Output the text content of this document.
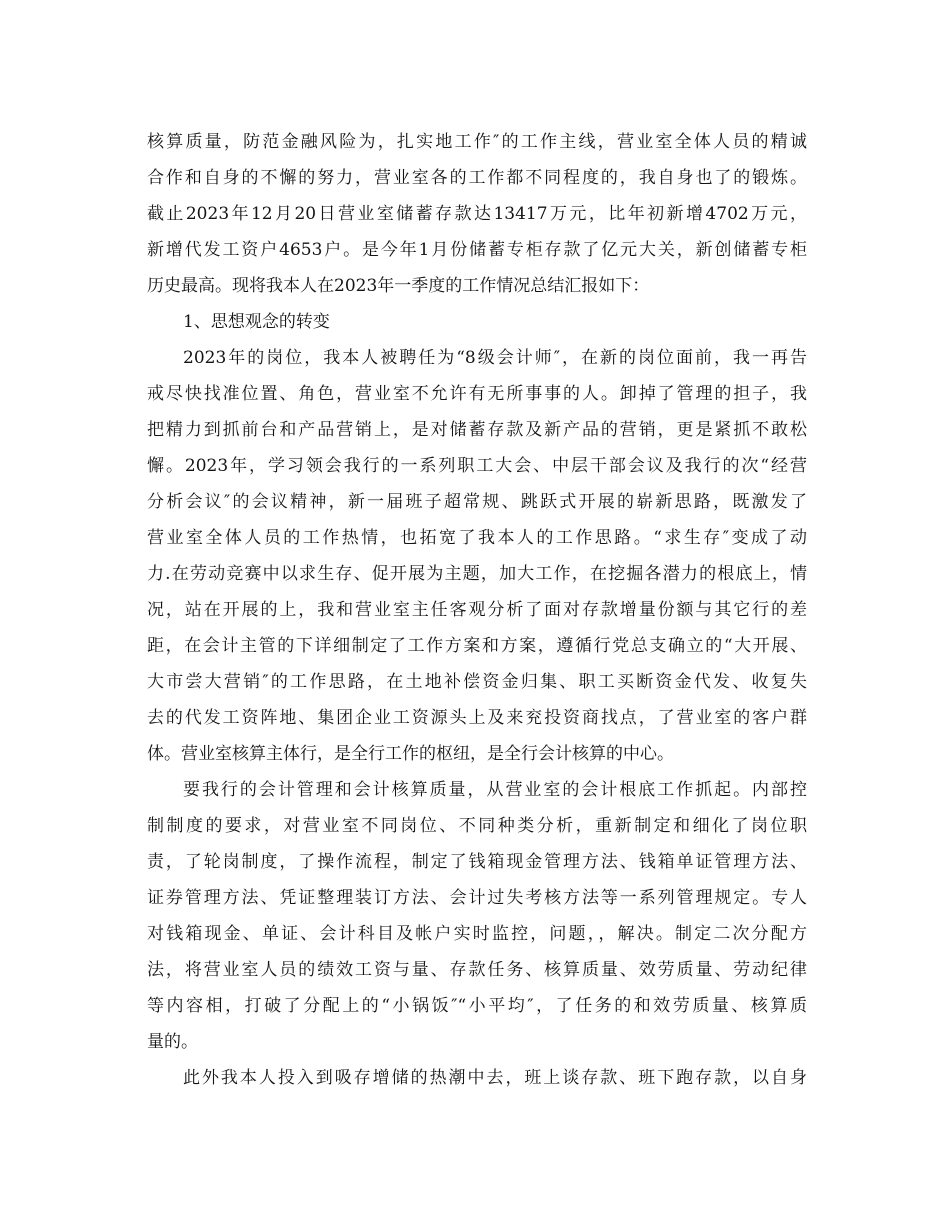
核算质量，防范金融风险为，扎实地工作″的工作主线，营业室全体人员的精诚
合作和自身的不懈的努力，营业室各的工作都不同程度的，我自身也了的锻炼。
截止2023年12月20日营业室储蓄存款达13417万元，比年初新增4702万元，
新增代发工资户4653户。是今年1月份储蓄专柜存款了亿元大关，新创储蓄专柜
历史最高。现将我本人在2023年一季度的工作情况总结汇报如下：
1、思想观念的转变
2023年的岗位，我本人被聘任为“8级会计师″，在新的岗位面前，我一再告
戒尽快找准位置、角色，营业室不允许有无所事事的人。卸掉了管理的担子，我
把精力到抓前台和产品营销上，是对储蓄存款及新产品的营销，更是紧抓不敢松
懈。2023年，学习领会我行的一系列职工大会、中层干部会议及我行的次“经营
分析会议″的会议精神，新一届班子超常规、跳跃式开展的崭新思路，既激发了
营业室全体人员的工作热情，也拓宽了我本人的工作思路。“求生存″变成了动
力.在劳动竞赛中以求生存、促开展为主题，加大工作，在挖掘各潜力的根底上，情
况，站在开展的上，我和营业室主任客观分析了面对存款增量份额与其它行的差
距，在会计主管的下详细制定了工作方案和方案，遵循行党总支确立的“大开展、
大市尝大营销″的工作思路，在土地补偿资金归集、职工买断资金代发、收复失
去的代发工资阵地、集团企业工资源头上及来兖投资商找点，了营业室的客户群
体。营业室核算主体行，是全行工作的枢纽，是全行会计核算的中心。
要我行的会计管理和会计核算质量，从营业室的会计根底工作抓起。内部控
制制度的要求，对营业室不同岗位、不同种类分析，重新制定和细化了岗位职
责，了轮岗制度，了操作流程，制定了钱箱现金管理方法、钱箱单证管理方法、
证券管理方法、凭证整理装订方法、会计过失考核方法等一系列管理规定。专人
对钱箱现金、单证、会计科目及帐户实时监控，问题，，解决。制定二次分配方
法，将营业室人员的绩效工资与量、存款任务、核算质量、效劳质量、劳动纪律
等内容相，打破了分配上的“小锅饭″“小平均″，了任务的和效劳质量、核算质
量的。
此外我本人投入到吸存增储的热潮中去，班上谈存款、班下跑存款，以自身
